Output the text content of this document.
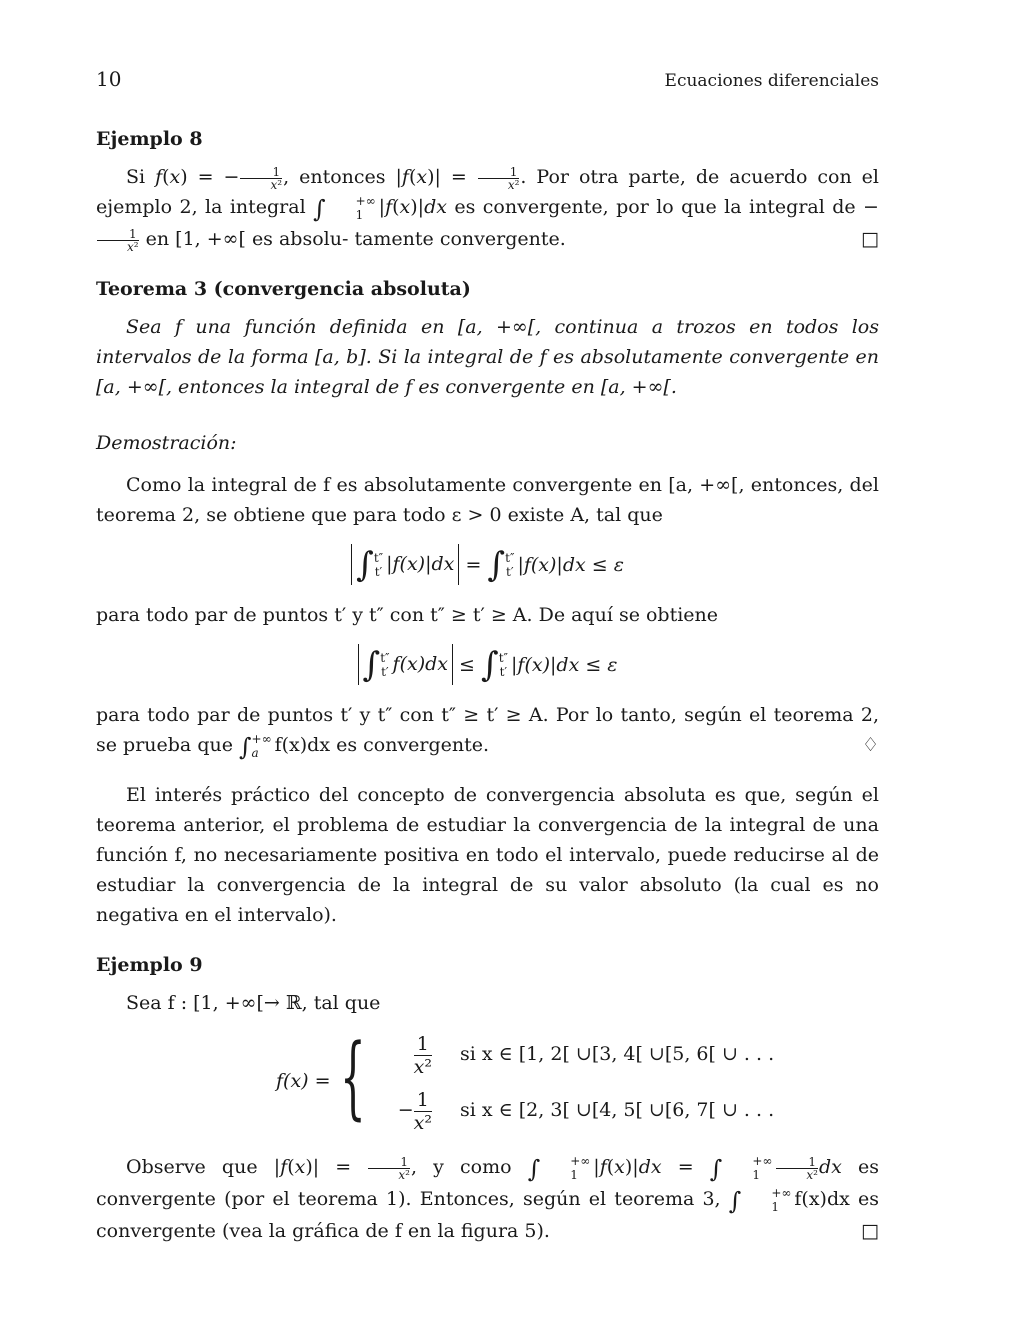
10	Ecuaciones diferenciales
Ejemplo 8
Si f(x) = − $\frac{1}{\text{x²}}$ , entonces $|f(x)| = \frac{1}{\text{x²}}$ . Por otra parte, de acuerdo con el ejemplo 2, la integral ∫	+∞
1 |f(x)|dx es convergente, por lo que la integral de −
$\frac{1}{\text{x²}}$ en [1, +∞[ es absolu- tamente convergente.	□
Teorema 3 (convergencia absoluta)
Sea f una función definida en [a, +∞[, continua a trozos en todos los intervalos de la forma [a, b]. Si la integral de f es absolutamente convergente en [a, +∞[, entonces la integral de f es convergente en [a, +∞[.
Demostración:
Como la integral de f es absolutamente convergente en [a, +∞[, entonces, del teorema 2, se obtiene que para todo ε > 0 existe A, tal que
∫ t″
t′ |f(x)|dx = ∫ t″
t′ |f(x)|dx ≤ ε
para todo par de puntos t′ y t″ con t″ ≥ t′ ≥ A. De aquí se obtiene
∫ t″
t′ f(x)dx ≤ ∫ t″
t′ |f(x)|dx ≤ ε
para todo par de puntos t′ y t″ con t″ ≥ t′ ≥ A. Por lo tanto, según el teorema 2, se prueba que ∫ +∞
a f(x)dx es convergente.	♢
El interés práctico del concepto de convergencia absoluta es que, según el teorema anterior, el problema de estudiar la convergencia de la integral de una función f, no necesariamente positiva en todo el intervalo, puede reducirse al de estudiar la convergencia de la integral de su valor absoluto (la cual es no negativa en el intervalo).
Ejemplo 9
Sea f : [1, +∞[→ ℝ, tal que
f(x) = {	$\frac{1}{\text{x²}}$ si x ∈ [1, 2[ ∪[3, 4[ ∪[5, 6[ ∪ . . .
− $\frac{1}{\text{x²}}$ si x ∈ [2, 3[ ∪[4, 5[ ∪[6, 7[ ∪ . . .
Observe que $|f(x)| = \frac{1}{\text{x²}}$ , y como ∫	+∞
1 |f(x)|dx = ∫	+∞
1	$\frac{1}{\text{x²}}$ dx es convergente (por el teorema 1). Entonces, según el teorema 3, ∫	+∞
1 f(x)dx es convergente (vea la gráfica de f en la figura 5).	□
